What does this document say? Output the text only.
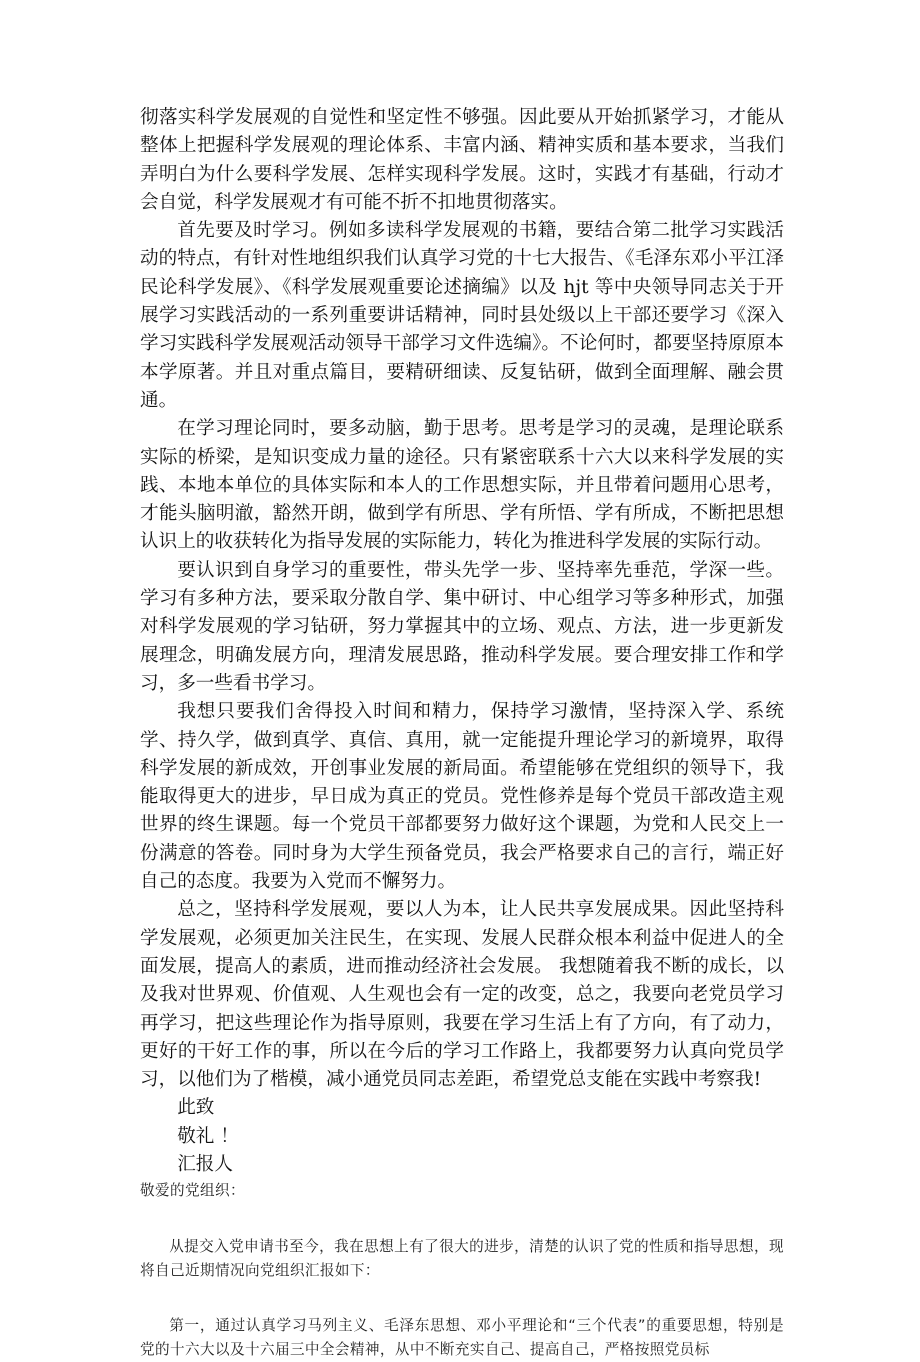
彻落实科学发展观的自觉性和坚定性不够强。因此要从开始抓紧学习，才能从整体上把握科学发展观的理论体系、丰富内涵、精神实质和基本要求，当我们弄明白为什么要科学发展、怎样实现科学发展。这时，实践才有基础，行动才会自觉，科学发展观才有可能不折不扣地贯彻落实。

首先要及时学习。例如多读科学发展观的书籍，要结合第二批学习实践活动的特点，有针对性地组织我们认真学习党的十七大报告、《毛泽东邓小平江泽民论科学发展》、《科学发展观重要论述摘编》以及 hjt 等中央领导同志关于开展学习实践活动的一系列重要讲话精神，同时县处级以上干部还要学习《深入学习实践科学发展观活动领导干部学习文件选编》。不论何时，都要坚持原原本本学原著。并且对重点篇目，要精研细读、反复钻研，做到全面理解、融会贯通。

在学习理论同时，要多动脑，勤于思考。思考是学习的灵魂，是理论联系实际的桥梁，是知识变成力量的途径。只有紧密联系十六大以来科学发展的实践、本地本单位的具体实际和本人的工作思想实际，并且带着问题用心思考，才能头脑明澈，豁然开朗，做到学有所思、学有所悟、学有所成，不断把思想认识上的收获转化为指导发展的实际能力，转化为推进科学发展的实际行动。

要认识到自身学习的重要性，带头先学一步、坚持率先垂范，学深一些。学习有多种方法，要采取分散自学、集中研讨、中心组学习等多种形式，加强对科学发展观的学习钻研，努力掌握其中的立场、观点、方法，进一步更新发展理念，明确发展方向，理清发展思路，推动科学发展。要合理安排工作和学习，多一些看书学习。

我想只要我们舍得投入时间和精力，保持学习激情，坚持深入学、系统学、持久学，做到真学、真信、真用，就一定能提升理论学习的新境界，取得科学发展的新成效，开创事业发展的新局面。希望能够在党组织的领导下，我能取得更大的进步，早日成为真正的党员。党性修养是每个党员干部改造主观世界的终生课题。每一个党员干部都要努力做好这个课题，为党和人民交上一份满意的答卷。同时身为大学生预备党员，我会严格要求自己的言行，端正好自己的态度。我要为入党而不懈努力。

总之，坚持科学发展观，要以人为本，让人民共享发展成果。因此坚持科学发展观，必须更加关注民生，在实现、发展人民群众根本利益中促进人的全面发展，提高人的素质，进而推动经济社会发展。 我想随着我不断的成长，以及我对世界观、价值观、人生观也会有一定的改变，总之，我要向老党员学习再学习，把这些理论作为指导原则，我要在学习生活上有了方向，有了动力，更好的干好工作的事，所以在今后的学习工作路上，我都要努力认真向党员学习，以他们为了楷模，减小通党员同志差距，希望党总支能在实践中考察我!

此致
敬礼 ！
汇报人
敬爱的党组织：

从提交入党申请书至今，我在思想上有了很大的进步，清楚的认识了党的性质和指导思想，现将自己近期情况向党组织汇报如下：

第一，通过认真学习马列主义、毛泽东思想、邓小平理论和“三个代表”的重要思想，特别是党的十六大以及十六届三中全会精神，从中不断充实自己、提高自己，严格按照党员标
